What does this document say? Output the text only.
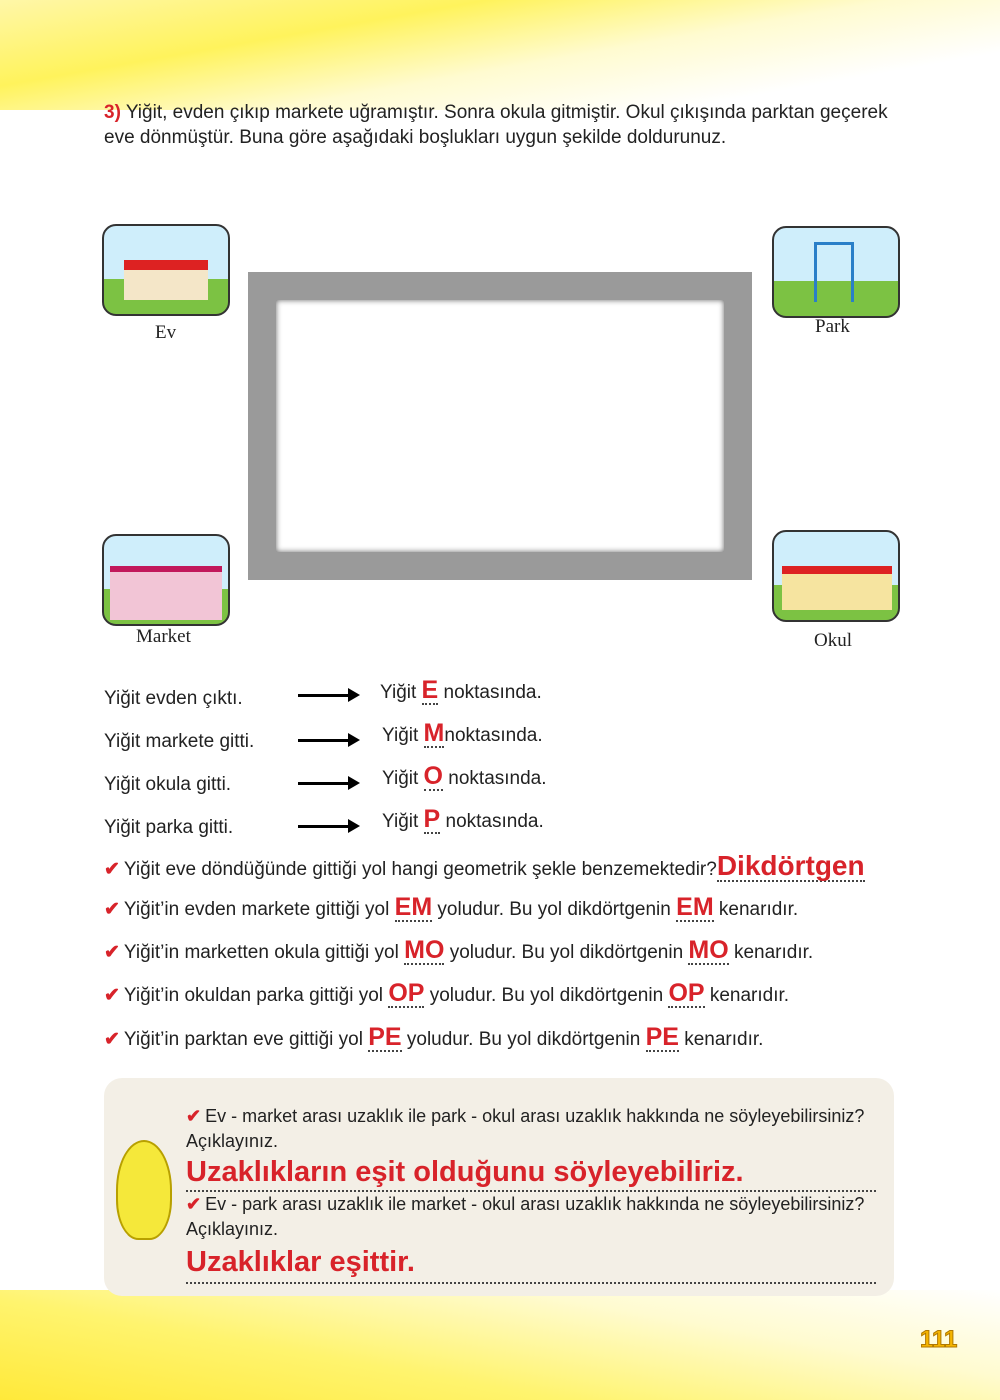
3) Yiğit, evden çıkıp markete uğramıştır. Sonra okula gitmiştir. Okul çıkışında parktan geçerek eve dönmüştür. Buna göre aşağıdaki boşlukları uygun şekilde doldurunuz.
Ev	Park
Market	Okul
Yiğit evden çıktı.	Yiğit E noktasında.
Yiğit markete gitti.	Yiğit Mnoktasında.
Yiğit okula gitti.	Yiğit O noktasında.
Yiğit parka gitti.	Yiğit P noktasında.
✔ Yiğit eve döndüğünde gittiği yol hangi geometrik şekle benzemektedir?Dikdörtgen
✔ Yiğit’in evden markete gittiği yol EM yoludur. Bu yol dikdörtgenin EM kenarıdır.
✔ Yiğit’in marketten okula gittiği yol MO yoludur. Bu yol dikdörtgenin MO kenarıdır.
✔ Yiğit’in okuldan parka gittiği yol OP yoludur. Bu yol dikdörtgenin OP kenarıdır.
✔ Yiğit’in parktan eve gittiği yol PE yoludur. Bu yol dikdörtgenin PE kenarıdır.
✔ Ev - market arası uzaklık ile park - okul arası uzaklık hakkında ne söyleyebilirsiniz?
Açıklayınız.
Uzaklıkların eşit olduğunu söyleyebiliriz.
✔ Ev - park arası uzaklık ile market - okul arası uzaklık hakkında ne söyleyebilirsiniz?
Açıklayınız.
Uzaklıklar eşittir.
111
